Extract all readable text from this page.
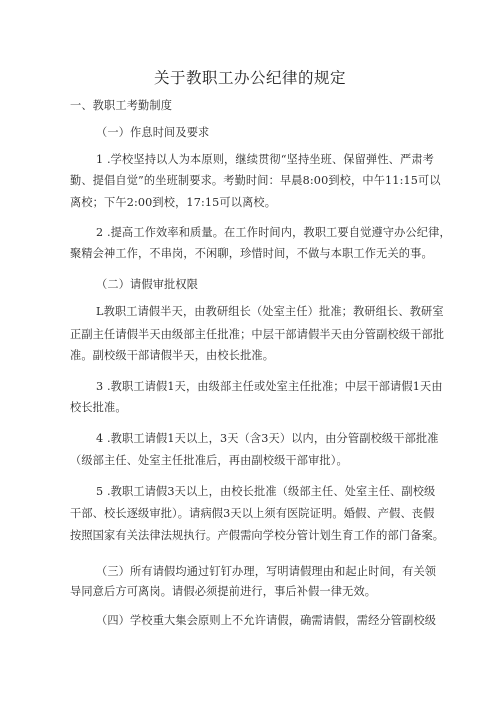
关于教职工办公纪律的规定
一、教职工考勤制度
（一）作息时间及要求
1 .学校坚持以人为本原则，继续贯彻“坚持坐班、保留弹性、严肃考
勤、提倡自觉”的坐班制要求。考勤时间：早晨8:00到校，中午11:15可以
离校；下午2:00到校，17:15可以离校。
2 .提高工作效率和质量。在工作时间内，教职工要自觉遵守办公纪律，
聚精会神工作，不串岗，不闲聊，珍惜时间，不做与本职工作无关的事。
（二）请假审批权限
L教职工请假半天，由教研组长（处室主任）批准；教研组长、教研室
正副主任请假半天由级部主任批准；中层干部请假半天由分管副校级干部批
准。副校级干部请假半天，由校长批准。
3 .教职工请假1天，由级部主任或处室主任批准；中层干部请假1天由
校长批准。
4 .教职工请假1天以上，3天（含3天）以内，由分管副校级干部批准
（级部主任、处室主任批准后，再由副校级干部审批）。
5 .教职工请假3天以上，由校长批准（级部主任、处室主任、副校级
干部、校长逐级审批）。请病假3天以上须有医院证明。婚假、产假、丧假
按照国家有关法律法规执行。产假需向学校分管计划生育工作的部门备案。
（三）所有请假均通过钉钉办理，写明请假理由和起止时间，有关领
导同意后方可离岗。请假必须提前进行，事后补假一律无效。
（四）学校重大集会原则上不允许请假，确需请假，需经分管副校级
